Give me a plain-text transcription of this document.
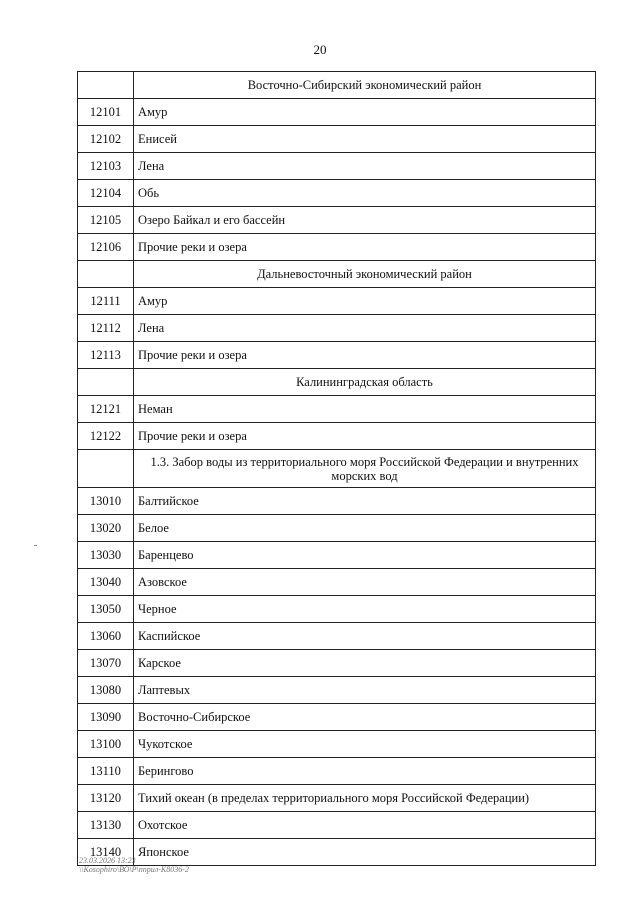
20
	Восточно-Сибирский экономический район
12101	Амур
12102	Енисей
12103	Лена
12104	Обь
12105	Озеро Байкал и его бассейн
12106	Прочие реки и озера
	Дальневосточный экономический район
12111	Амур
12112	Лена
12113	Прочие реки и озера
	Калининградская область
12121	Неман
12122	Прочие реки и озера
	1.3. Забор воды из территориального моря Российской Федерации и внутренних морских вод
13010	Балтийское
13020	Белое
13030	Баренцево
13040	Азовское
13050	Черное
13060	Каспийское
13070	Карское
13080	Лаптевых
13090	Восточно-Сибирское
13100	Чукотское
13110	Берингово
13120	Тихий океан (в пределах территориального моря Российской Федерации)
13130	Охотское
13140	Японское
23.03.2026 13:23
\\Kosophiro\ВО\Р\пприл-К8036-2
